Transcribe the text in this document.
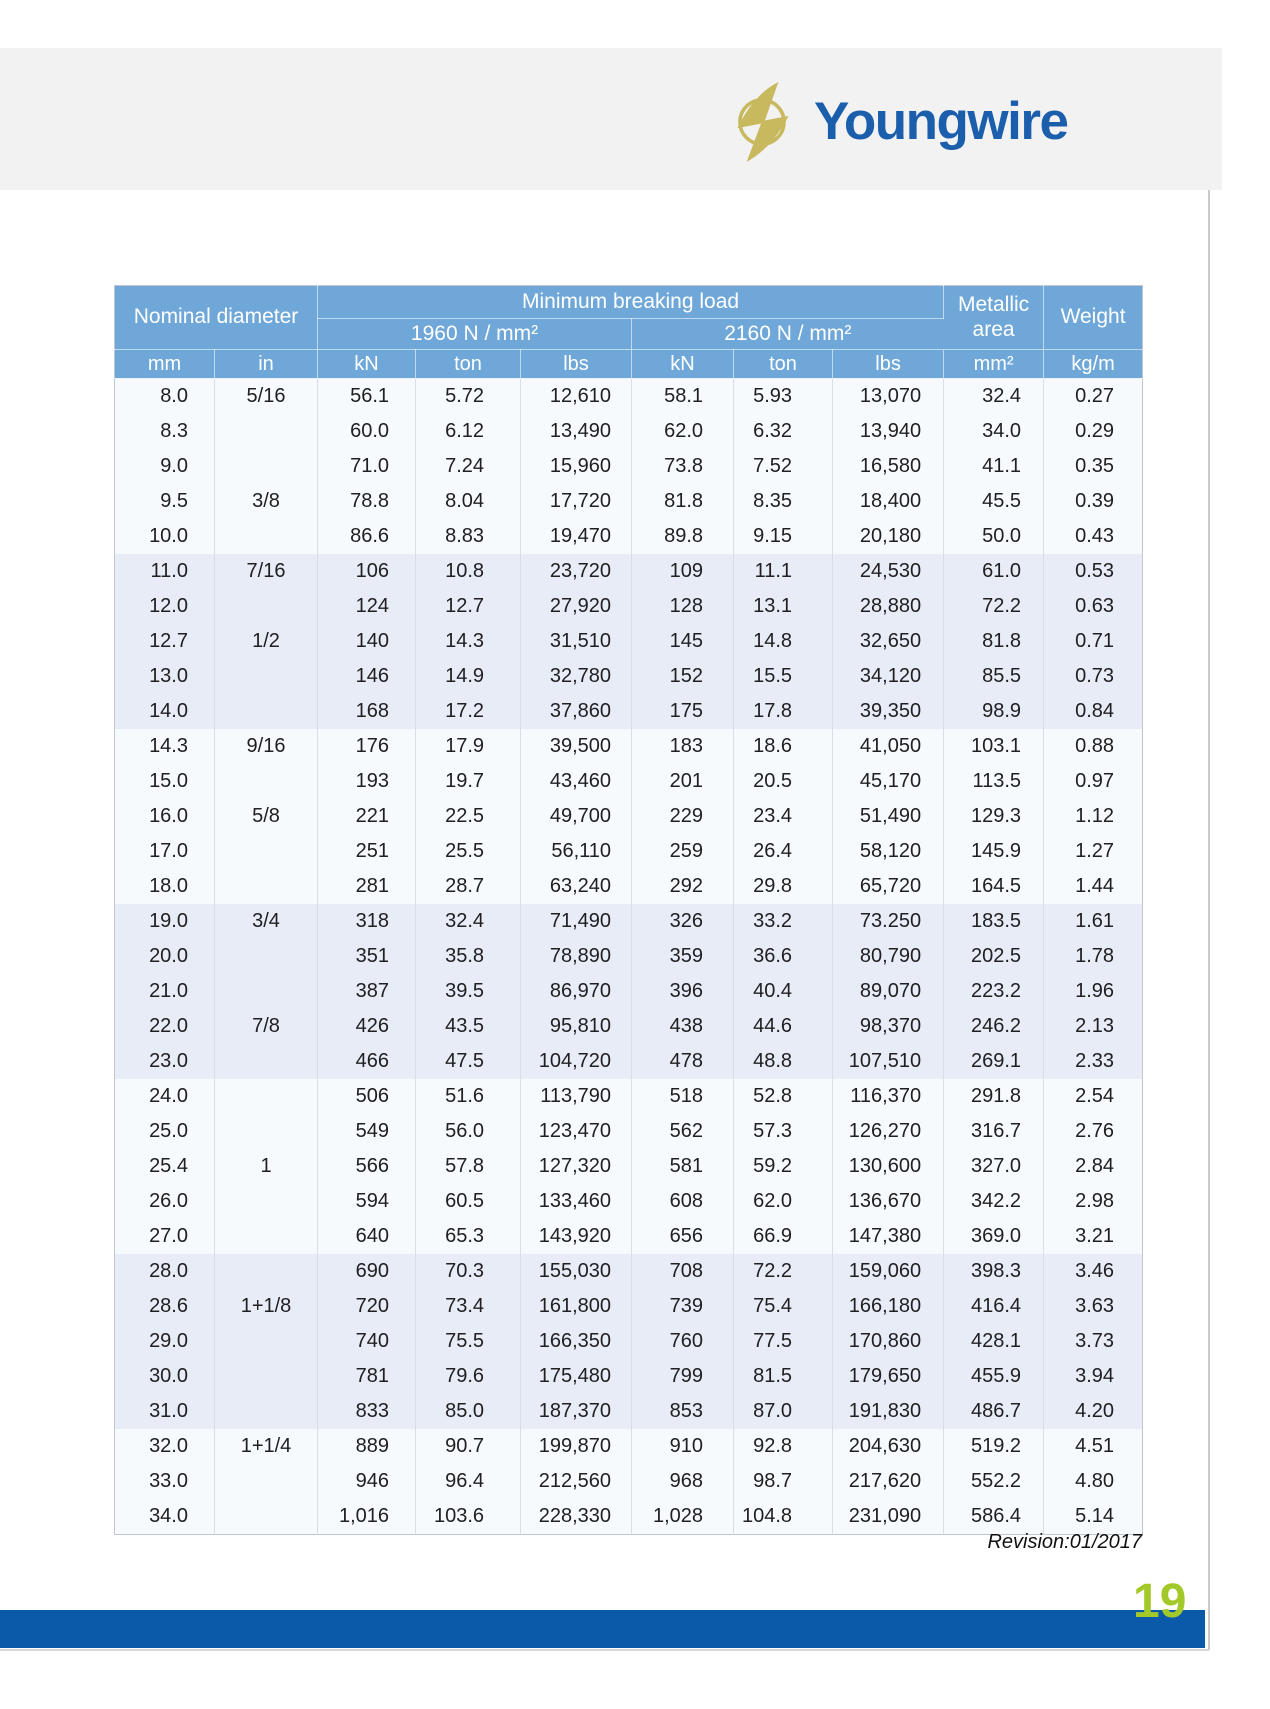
Youngwire
Nominal diameter		Minimum breaking load						Metallic area	Weight
		1960 N / mm²			2160 N / mm²				
mm	in	kN	ton	lbs	kN	ton	lbs	mm²	kg/m
8.0	5/16	56.1	5.72	12,610	58.1	5.93	13,070	32.4	0.27
8.3		60.0	6.12	13,490	62.0	6.32	13,940	34.0	0.29
9.0		71.0	7.24	15,960	73.8	7.52	16,580	41.1	0.35
9.5	3/8	78.8	8.04	17,720	81.8	8.35	18,400	45.5	0.39
10.0		86.6	8.83	19,470	89.8	9.15	20,180	50.0	0.43
11.0	7/16	106	10.8	23,720	109	11.1	24,530	61.0	0.53
12.0		124	12.7	27,920	128	13.1	28,880	72.2	0.63
12.7	1/2	140	14.3	31,510	145	14.8	32,650	81.8	0.71
13.0		146	14.9	32,780	152	15.5	34,120	85.5	0.73
14.0		168	17.2	37,860	175	17.8	39,350	98.9	0.84
14.3	9/16	176	17.9	39,500	183	18.6	41,050	103.1	0.88
15.0		193	19.7	43,460	201	20.5	45,170	113.5	0.97
16.0	5/8	221	22.5	49,700	229	23.4	51,490	129.3	1.12
17.0		251	25.5	56,110	259	26.4	58,120	145.9	1.27
18.0		281	28.7	63,240	292	29.8	65,720	164.5	1.44
19.0	3/4	318	32.4	71,490	326	33.2	73.250	183.5	1.61
20.0		351	35.8	78,890	359	36.6	80,790	202.5	1.78
21.0		387	39.5	86,970	396	40.4	89,070	223.2	1.96
22.0	7/8	426	43.5	95,810	438	44.6	98,370	246.2	2.13
23.0		466	47.5	104,720	478	48.8	107,510	269.1	2.33
24.0		506	51.6	113,790	518	52.8	116,370	291.8	2.54
25.0		549	56.0	123,470	562	57.3	126,270	316.7	2.76
25.4	1	566	57.8	127,320	581	59.2	130,600	327.0	2.84
26.0		594	60.5	133,460	608	62.0	136,670	342.2	2.98
27.0		640	65.3	143,920	656	66.9	147,380	369.0	3.21
28.0		690	70.3	155,030	708	72.2	159,060	398.3	3.46
28.6	1+1/8	720	73.4	161,800	739	75.4	166,180	416.4	3.63
29.0		740	75.5	166,350	760	77.5	170,860	428.1	3.73
30.0		781	79.6	175,480	799	81.5	179,650	455.9	3.94
31.0		833	85.0	187,370	853	87.0	191,830	486.7	4.20
32.0	1+1/4	889	90.7	199,870	910	92.8	204,630	519.2	4.51
33.0		946	96.4	212,560	968	98.7	217,620	552.2	4.80
34.0		1,016	103.6	228,330	1,028	104.8	231,090	586.4	5.14
Revision:01/2017
19
